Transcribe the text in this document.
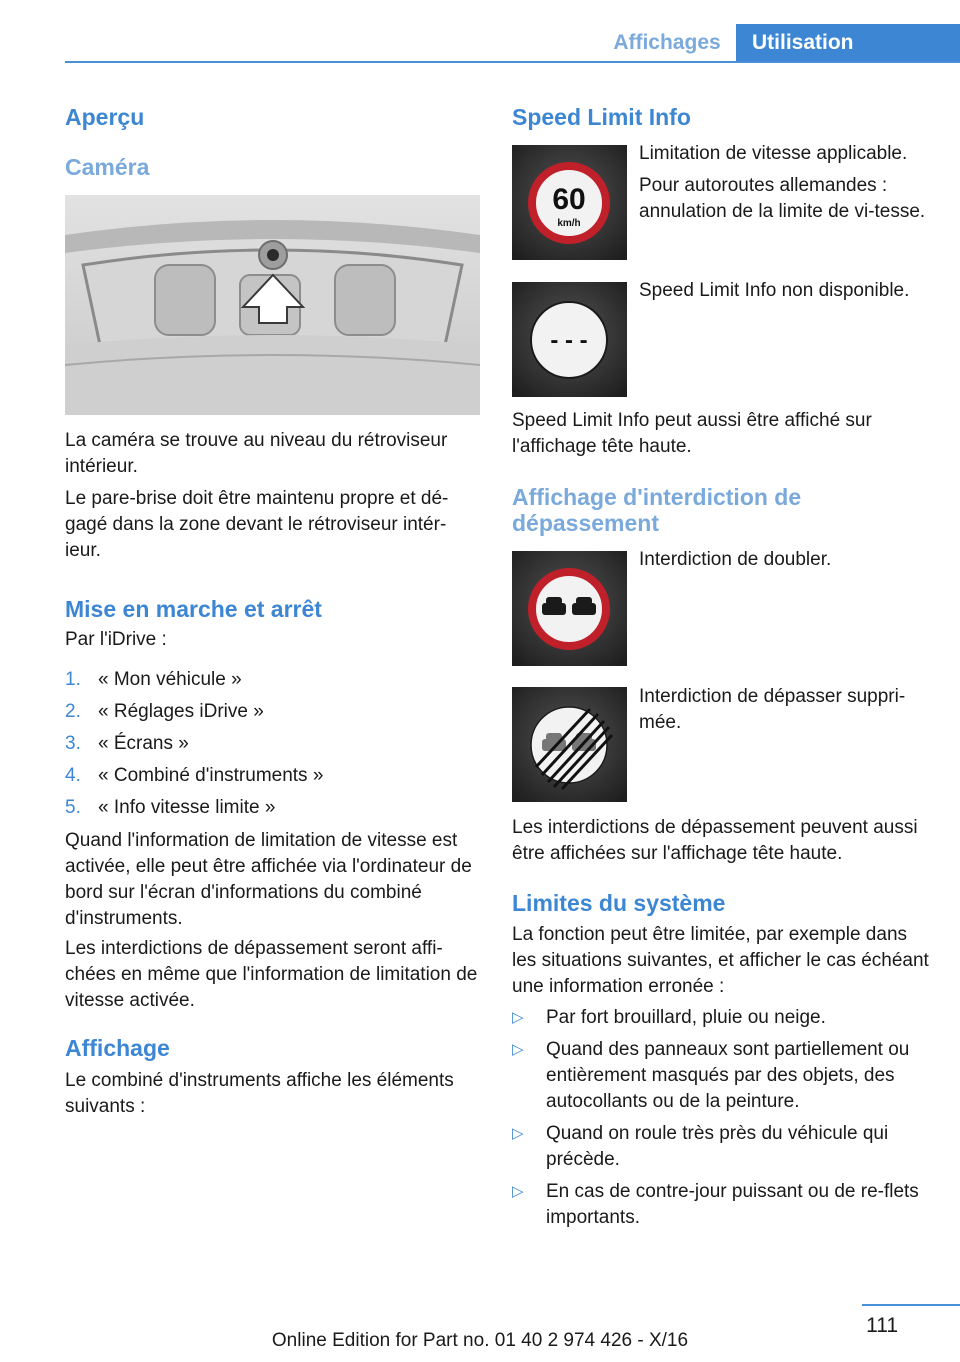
Affichages	Utilisation
Aperçu
Caméra

La caméra se trouve au niveau du rétroviseur intérieur.

Le pare-brise doit être maintenu propre et dé‐gagé dans la zone devant le rétroviseur intér‐ieur.

Mise en marche et arrêt

Par l'iDrive :

1. « Mon véhicule »
2. « Réglages iDrive »
3. « Écrans »
4. « Combiné d'instruments »
5. « Info vitesse limite »

Quand l'information de limitation de vitesse est activée, elle peut être affichée via l'ordinateur de bord sur l'écran d'informations du combiné d'instruments.

Les interdictions de dépassement seront affi‐chées en même que l'information de limitation de vitesse activée.

Affichage

Le combiné d'instruments affiche les éléments suivants :

Speed Limit Info
60
km/h

Limitation de vitesse applicable.

Pour autoroutes allemandes : annulation de la limite de vi‐tesse.

- - -

Speed Limit Info non disponible.

Speed Limit Info peut aussi être affiché sur l'affichage tête haute.

Affichage d'interdiction de dépassement

Interdiction de doubler.

Interdiction de dépasser suppri‐mée.

Les interdictions de dépassement peuvent aussi être affichées sur l'affichage tête haute.

Limites du système

La fonction peut être limitée, par exemple dans les situations suivantes, et afficher le cas échéant une information erronée :

▷ Par fort brouillard, pluie ou neige.
▷ Quand des panneaux sont partiellement ou entièrement masqués par des objets, des autocollants ou de la peinture.
▷ Quand on roule très près du véhicule qui précède.
▷ En cas de contre-jour puissant ou de re‐flets importants.
111
Online Edition for Part no. 01 40 2 974 426 - X/16
